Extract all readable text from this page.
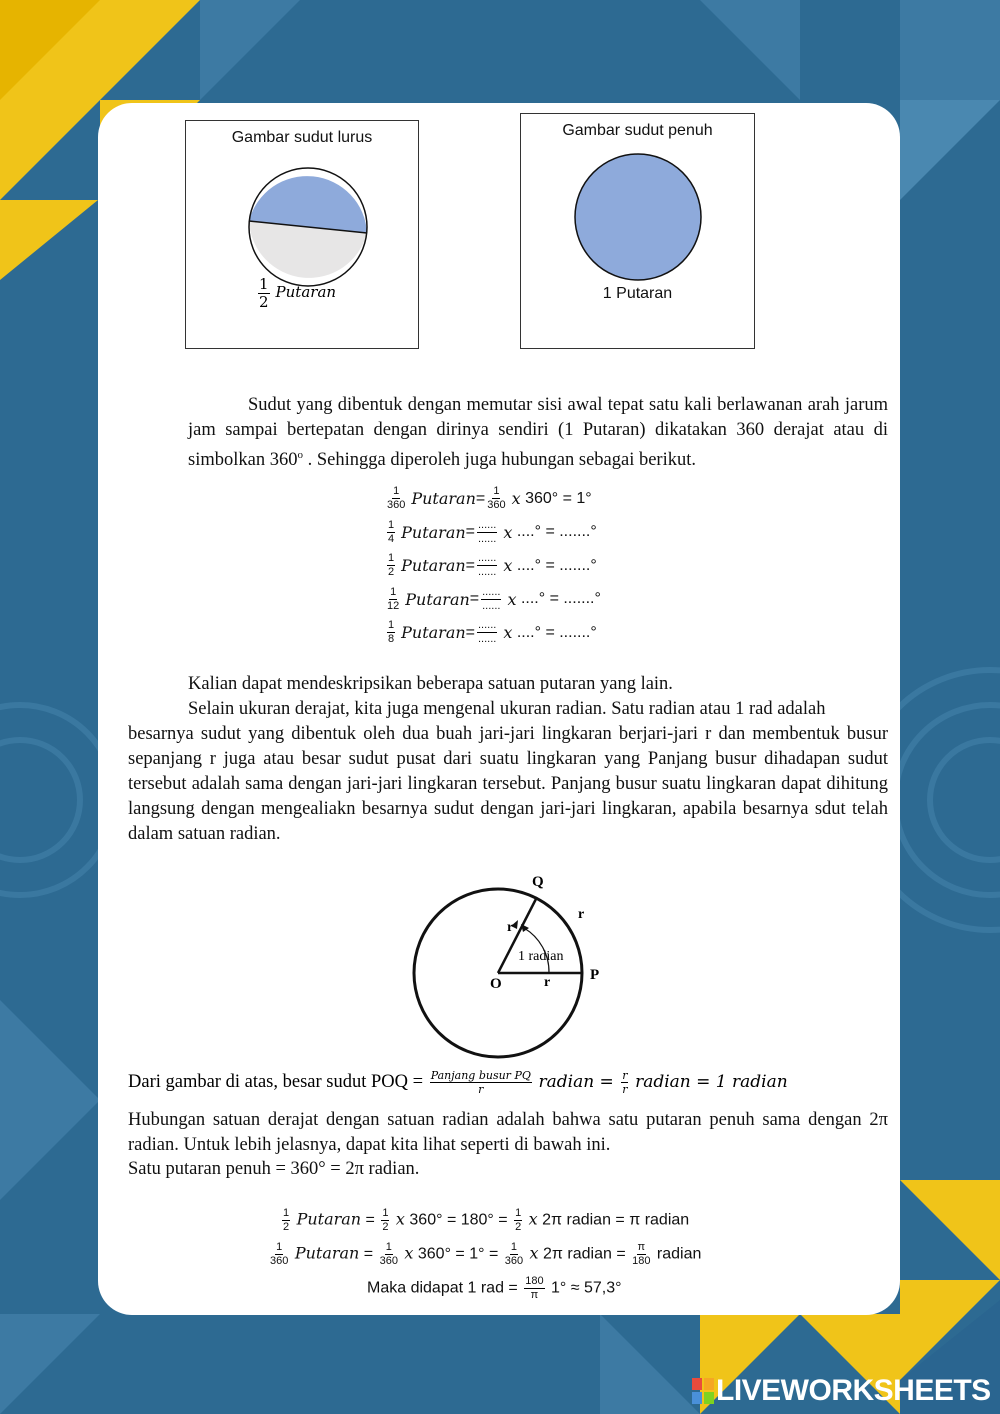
Gambar sudut lurus
$\frac{1}{2}$ Putaran
Gambar sudut penuh
1 Putaran
Sudut yang dibentuk dengan memutar sisi awal tepat satu kali berlawanan arah jarum jam sampai bertepatan dengan dirinya sendiri (1 Putaran) dikatakan 360 derajat atau di simbolkan 360$^o$ . Sehingga diperoleh juga hubungan sebagai berikut.
$\frac{1}{360}$ Putaran = $\frac{1}{360}$ x 360° = 1°
$\frac{1}{4}$ Putaran = $\frac{......}{......}$ x ....° = .......°
$\frac{1}{2}$ Putaran = $\frac{......}{......}$ x ....° = .......°
$\frac{1}{12}$ Putaran = $\frac{......}{......}$ x ....° = .......°
$\frac{1}{8}$ Putaran = $\frac{......}{......}$ x ....° = .......°
Kalian dapat mendeskripsikan beberapa satuan putaran yang lain.
Selain ukuran derajat, kita juga mengenal ukuran radian. Satu radian atau 1 rad adalah
besarnya sudut yang dibentuk oleh dua buah jari-jari lingkaran berjari-jari r dan membentuk busur sepanjang r juga atau besar sudut pusat dari suatu lingkaran yang Panjang busur dihadapan sudut tersebut adalah sama dengan jari-jari lingkaran tersebut. Panjang busur suatu lingkaran dapat dihitung langsung dengan mengealiakn besarnya sudut dengan jari-jari lingkaran, apabila besarnya sdut telah dalam satuan radian.
O
P
Q
r
r
r
1 radian
Dari gambar di atas, besar sudut POQ = $\frac{\text{Panjang busur PQ}}{r}$ radian = $\frac{r}{r}$ radian = 1 radian
Hubungan satuan derajat dengan satuan radian adalah bahwa satu putaran penuh sama dengan 2π radian. Untuk lebih jelasnya, dapat kita lihat seperti di bawah ini.
Satu putaran penuh = 360° = 2π radian.
$\frac{1}{2}$ Putaran = $\frac{1}{2}$ x $360^\circ = 180^\circ = \frac{1}{2}$ x 2π radian = π radian
$\frac{1}{360}$ Putaran = $\frac{1}{360}$ x $360^\circ = 1^\circ = \frac{1}{360}$ x 2π radian = $\frac{\pi}{180}$ radian
Maka didapat 1 rad = $\frac{180}{\pi} 1^\circ \approx 57,3^\circ$
LIVEWORKSHEETS
